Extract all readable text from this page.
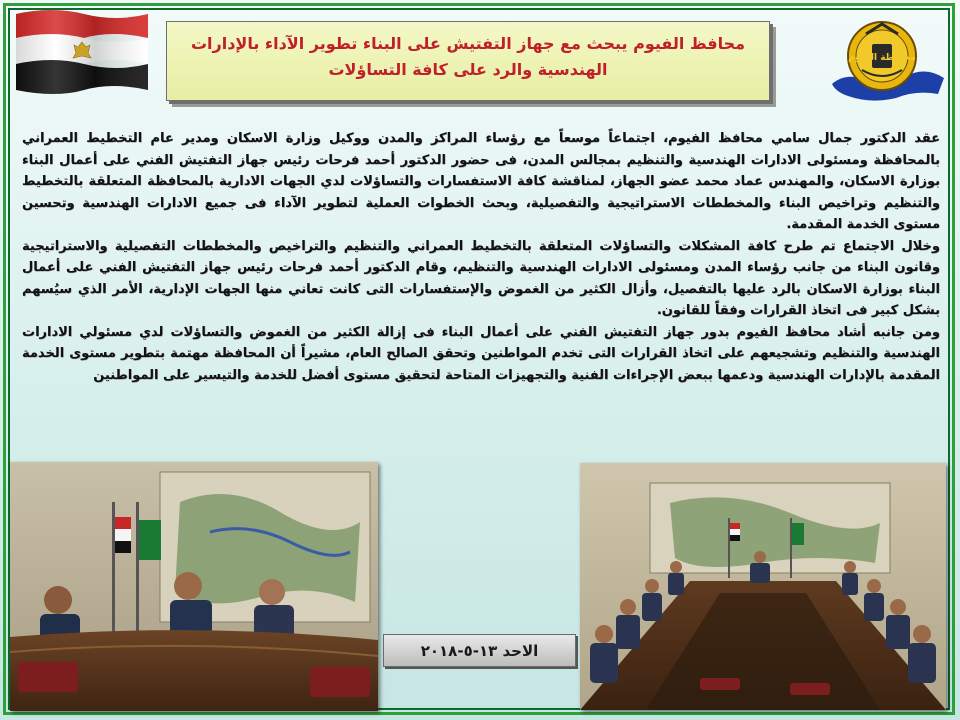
محافظ الفيوم يبحث مع جهاز التفتيش على البناء تطوير الآداء بالإدارات الهندسية والرد على كافة التساؤلات
محافظة الفيوم

عقد الدكتور جمال سامي محافظ الفيوم، اجتماعاً موسعاً مع رؤساء المراكز والمدن ووكيل وزارة الاسكان ومدير عام التخطيط العمراني بالمحافظة ومسئولى الادارات الهندسية والتنظيم بمجالس المدن، فى حضور الدكتور أحمد فرحات رئيس جهاز التفتيش الفني على أعمال البناء بوزارة الاسكان، والمهندس عماد محمد عضو الجهاز، لمناقشة كافة الاستفسارات والتساؤلات لدي الجهات الادارية بالمحافظة المتعلقة بالتخطيط والتنظيم وتراخيص البناء والمخططات الاستراتيجية والتفصيلية، وبحث الخطوات العملية لتطوير الآداء فى جميع الادارات الهندسية وتحسين مستوى الخدمة المقدمة.

وخلال الاجتماع تم طرح كافة المشكلات والتساؤلات المتعلقة بالتخطيط العمراني والتنظيم والتراخيص والمخططات التفصيلية والاستراتيجية وقانون البناء من جانب رؤساء المدن ومسئولى الادارات الهندسية والتنظيم، وقام الدكتور أحمد فرحات رئيس جهاز التفتيش الفني على أعمال البناء بوزارة الاسكان بالرد عليها بالتفصيل، وأزال الكثير من الغموض والإستفسارات التى كانت تعاني منها الجهات الإدارية، الأمر الذي سيُسهم بشكل كبير فى اتخاذ القرارات وفقاً للقانون.

ومن جانبه أشاد محافظ الفيوم بدور جهاز التفتيش الفني على أعمال البناء فى إزالة الكثير من الغموض والتساؤلات لدي مسئولي الادارات الهندسية والتنظيم وتشجيعهم على اتخاذ القرارات التى تخدم المواطنين وتحقق الصالح العام، مشيراً أن المحافظة مهتمة بتطوير مستوى الخدمة المقدمة بالإدارات الهندسية ودعمها ببعض الإجراءات الفنية والتجهيزات المتاحة لتحقيق مستوى أفضل للخدمة والتيسير على المواطنين

الاحد ١٣-٥-٢٠١٨
